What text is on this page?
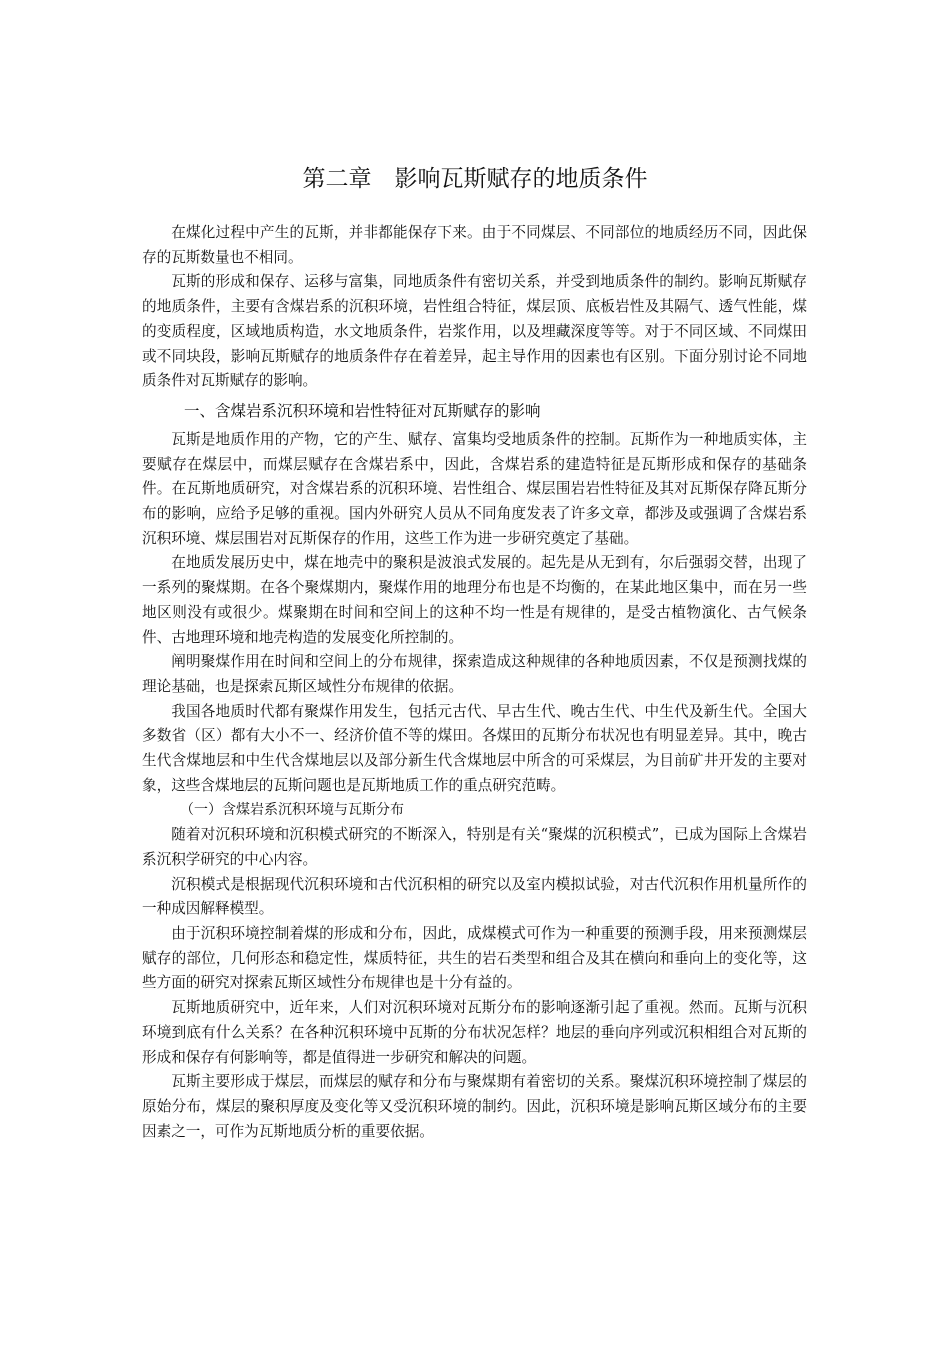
第二章　影响瓦斯赋存的地质条件

在煤化过程中产生的瓦斯，并非都能保存下来。由于不同煤层、不同部位的地质经历不同，因此保存的瓦斯数量也不相同。

瓦斯的形成和保存、运移与富集，同地质条件有密切关系，并受到地质条件的制约。影响瓦斯赋存的地质条件，主要有含煤岩系的沉积环境，岩性组合特征，煤层顶、底板岩性及其隔气、透气性能，煤的变质程度，区域地质构造，水文地质条件，岩浆作用，以及埋藏深度等等。对于不同区域、不同煤田或不同块段，影响瓦斯赋存的地质条件存在着差异，起主导作用的因素也有区别。下面分别讨论不同地质条件对瓦斯赋存的影响。

一、含煤岩系沉积环境和岩性特征对瓦斯赋存的影响

瓦斯是地质作用的产物，它的产生、赋存、富集均受地质条件的控制。瓦斯作为一种地质实体，主要赋存在煤层中，而煤层赋存在含煤岩系中，因此，含煤岩系的建造特征是瓦斯形成和保存的基础条件。在瓦斯地质研究，对含煤岩系的沉积环境、岩性组合、煤层围岩岩性特征及其对瓦斯保存降瓦斯分布的影响，应给予足够的重视。国内外研究人员从不同角度发表了许多文章，都涉及或强调了含煤岩系沉积环境、煤层围岩对瓦斯保存的作用，这些工作为进一步研究奠定了基础。

在地质发展历史中，煤在地壳中的聚积是波浪式发展的。起先是从无到有，尔后强弱交替，出现了一系列的聚煤期。在各个聚煤期内，聚煤作用的地理分布也是不均衡的，在某此地区集中，而在另一些地区则没有或很少。煤聚期在时间和空间上的这种不均一性是有规律的，是受古植物演化、古气候条件、古地理环境和地壳构造的发展变化所控制的。

阐明聚煤作用在时间和空间上的分布规律，探索造成这种规律的各种地质因素，不仅是预测找煤的理论基础，也是探索瓦斯区域性分布规律的依据。

我国各地质时代都有聚煤作用发生，包括元古代、早古生代、晚古生代、中生代及新生代。全国大多数省（区）都有大小不一、经济价值不等的煤田。各煤田的瓦斯分布状况也有明显差异。其中，晚古生代含煤地层和中生代含煤地层以及部分新生代含煤地层中所含的可采煤层，为目前矿井开发的主要对象，这些含煤地层的瓦斯问题也是瓦斯地质工作的重点研究范畴。

（一）含煤岩系沉积环境与瓦斯分布

随着对沉积环境和沉积模式研究的不断深入，特别是有关“聚煤的沉积模式”，已成为国际上含煤岩系沉积学研究的中心内容。

沉积模式是根据现代沉积环境和古代沉积相的研究以及室内模拟试验，对古代沉积作用机量所作的一种成因解释模型。

由于沉积环境控制着煤的形成和分布，因此，成煤模式可作为一种重要的预测手段，用来预测煤层赋存的部位，几何形态和稳定性，煤质特征，共生的岩石类型和组合及其在横向和垂向上的变化等，这些方面的研究对探索瓦斯区域性分布规律也是十分有益的。

瓦斯地质研究中，近年来，人们对沉积环境对瓦斯分布的影响逐渐引起了重视。然而。瓦斯与沉积环境到底有什么关系？在各种沉积环境中瓦斯的分布状况怎样？地层的垂向序列或沉积相组合对瓦斯的形成和保存有何影响等，都是值得进一步研究和解决的问题。

瓦斯主要形成于煤层，而煤层的赋存和分布与聚煤期有着密切的关系。聚煤沉积环境控制了煤层的原始分布，煤层的聚积厚度及变化等又受沉积环境的制约。因此，沉积环境是影响瓦斯区域分布的主要因素之一，可作为瓦斯地质分析的重要依据。
